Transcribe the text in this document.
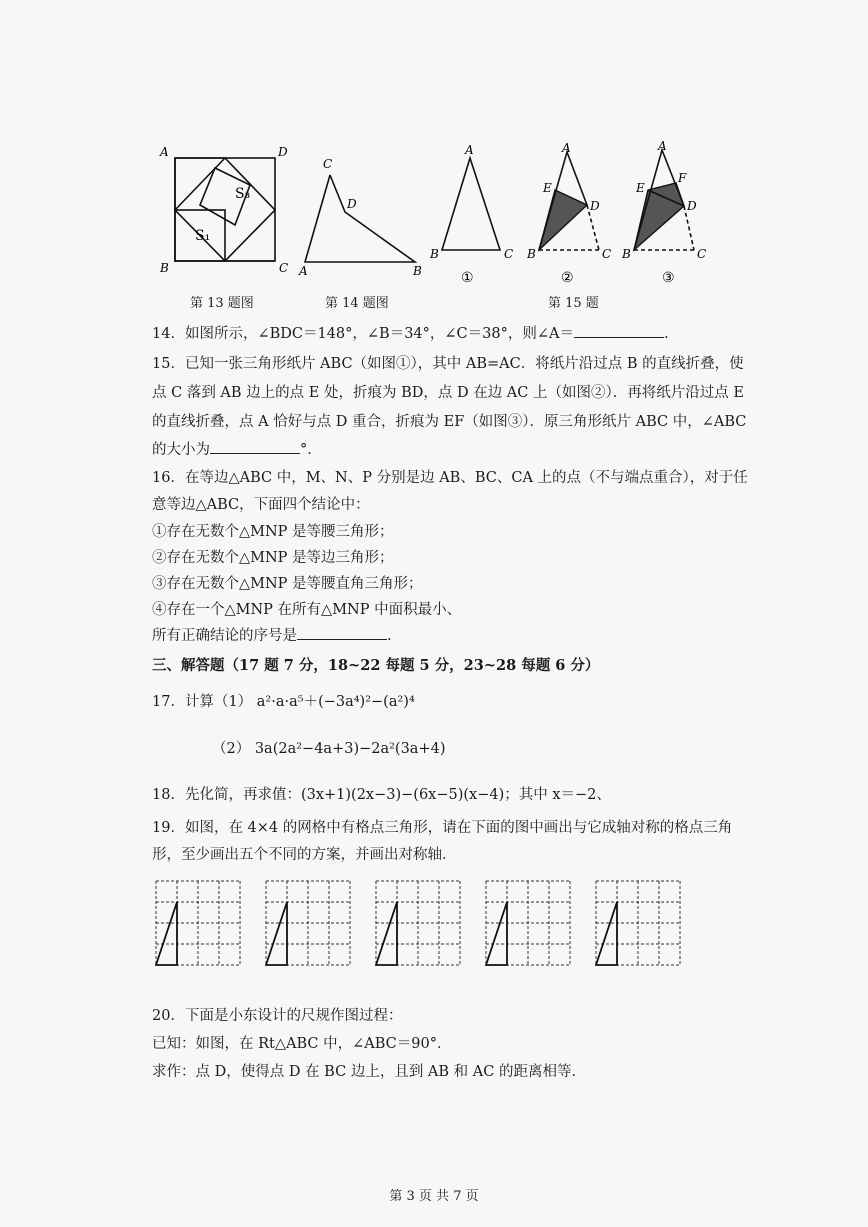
A	D
B	C
S₃
S₁
第 13 题图
C
D
A	B
第 14 题图
A
B	C
①
A
E
D
B	C
②
A
E
F
D
B	C
③
第 15 题
14．如图所示，∠BDC＝148°，∠B＝34°，∠C＝38°，则∠A＝	.
15．已知一张三角形纸片 ABC（如图①），其中 AB=AC．将纸片沿过点 B 的直线折叠，使
点 C 落到 AB 边上的点 E 处，折痕为 BD，点 D 在边 AC 上（如图②）．再将纸片沿过点 E
的直线折叠，点 A 恰好与点 D 重合，折痕为 EF（如图③）．原三角形纸片 ABC 中，∠ABC
的大小为	°．
16．在等边△ABC 中，M、N、P 分别是边 AB、BC、CA 上的点（不与端点重合），对于任
意等边△ABC，下面四个结论中：
①存在无数个△MNP 是等腰三角形；
②存在无数个△MNP 是等边三角形；
③存在无数个△MNP 是等腰直角三角形；
④存在一个△MNP 在所有△MNP 中面积最小、
所有正确结论的序号是	.
三、解答题（17 题 7 分，18~22 每题 5 分，23~28 每题 6 分）
17．计算（1） a²·a·a⁵＋(−3a⁴)²−(a²)⁴
（2） 3a(2a²−4a+3)−2a²(3a+4)
18．先化简，再求值：(3x+1)(2x−3)−(6x−5)(x−4)；其中 x＝−2、
19．如图，在 4×4 的网格中有格点三角形，请在下面的图中画出与它成轴对称的格点三角
形，至少画出五个不同的方案，并画出对称轴．
20．下面是小东设计的尺规作图过程：
已知：如图，在 Rt△ABC 中，∠ABC＝90°．
求作：点 D，使得点 D 在 BC 边上，且到 AB 和 AC 的距离相等．
第 3 页 共 7 页
